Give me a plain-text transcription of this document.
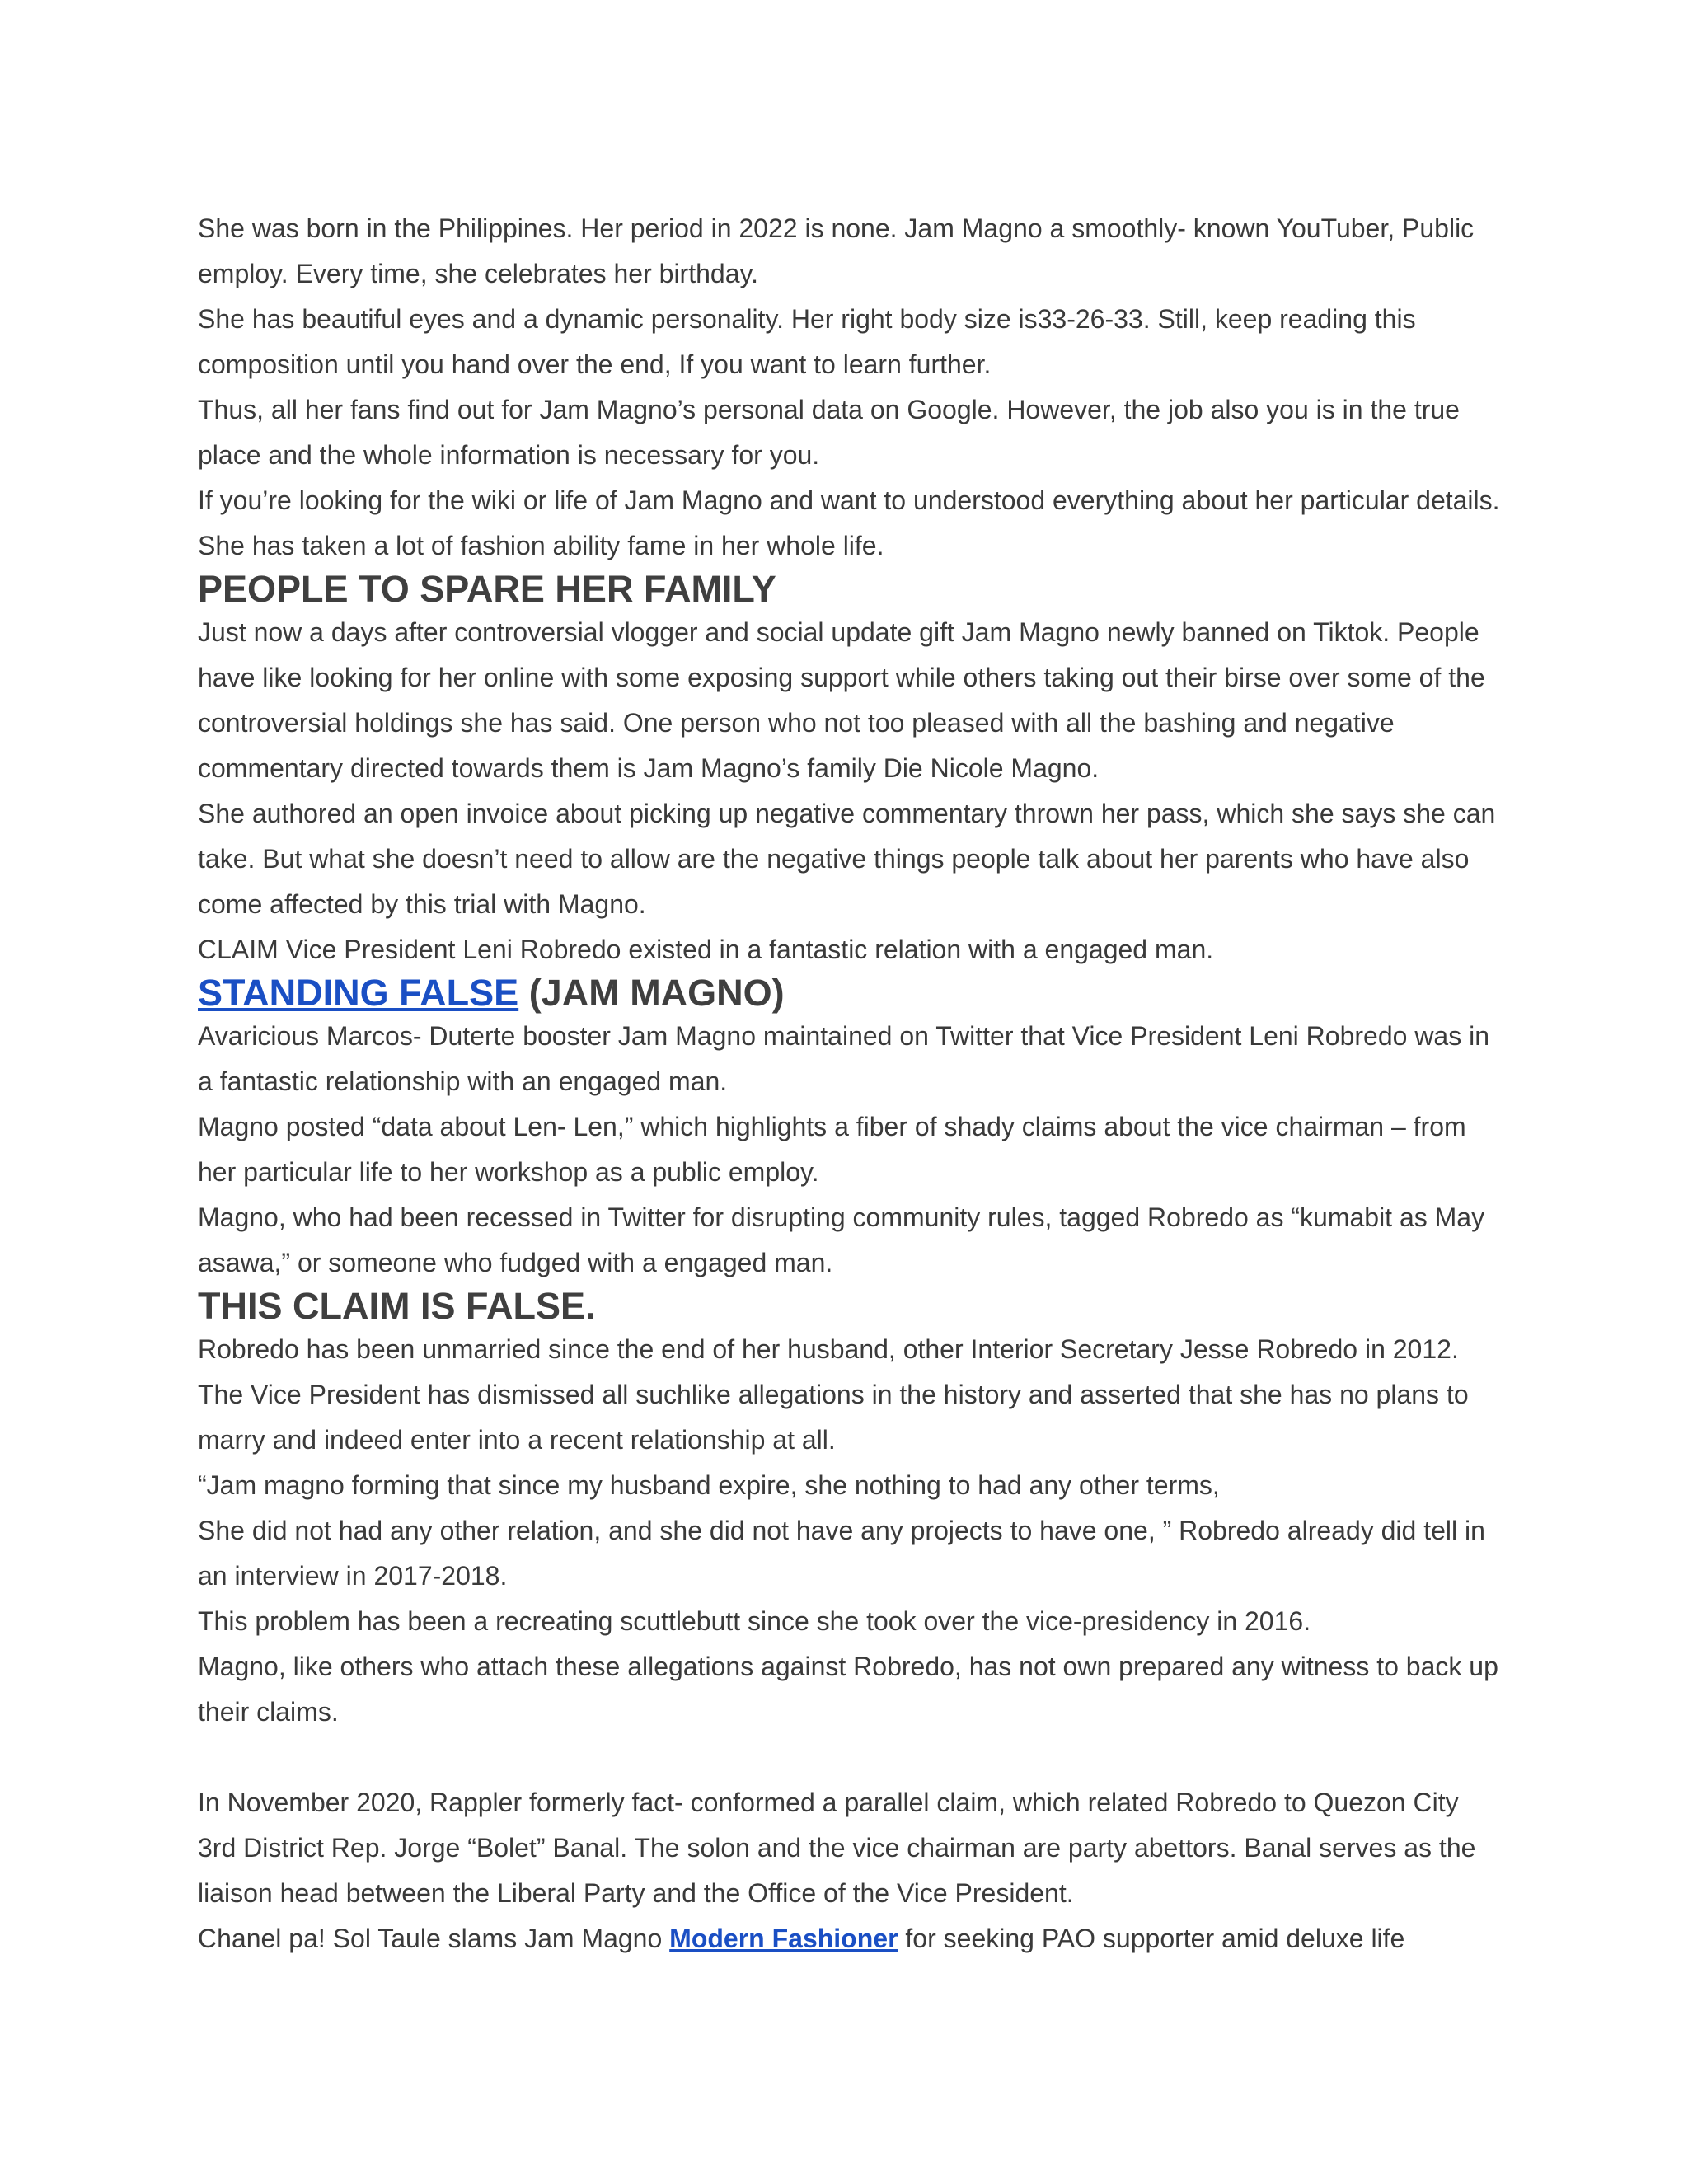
She was born in the Philippines. Her period in 2022 is none. Jam Magno a smoothly- known YouTuber, Public employ. Every time, she celebrates her birthday.

She has beautiful eyes and a dynamic personality. Her right body size is33-26-33. Still, keep reading this composition until you hand over the end, If you want to learn further.

Thus, all her fans find out for Jam Magno’s personal data on Google. However, the job also you is in the true place and the whole information is necessary for you.

If you’re looking for the wiki or life of Jam Magno and want to understood everything about her particular details. She has taken a lot of fashion ability fame in her whole life.

PEOPLE TO SPARE HER FAMILY

Just now a days after controversial vlogger and social update gift Jam Magno newly banned on Tiktok. People have like looking for her online with some exposing support while others taking out their birse over some of the controversial holdings she has said. One person who not too pleased with all the bashing and negative commentary directed towards them is Jam Magno’s family Die Nicole Magno.

She authored an open invoice about picking up negative commentary thrown her pass, which she says she can take. But what she doesn’t need to allow are the negative things people talk about her parents who have also come affected by this trial with Magno.

CLAIM Vice President Leni Robredo existed in a fantastic relation with a engaged man.

STANDING FALSE (JAM MAGNO)

Avaricious Marcos- Duterte booster Jam Magno maintained on Twitter that Vice President Leni Robredo was in a fantastic relationship with an engaged man.

Magno posted “data about Len- Len,” which highlights a fiber of shady claims about the vice chairman – from her particular life to her workshop as a public employ.

Magno, who had been recessed in Twitter for disrupting community rules, tagged Robredo as “kumabit as May asawa,” or someone who fudged with a engaged man.

THIS CLAIM IS FALSE.

Robredo has been unmarried since the end of her husband, other Interior Secretary Jesse Robredo in 2012. The Vice President has dismissed all suchlike allegations in the history and asserted that she has no plans to marry and indeed enter into a recent relationship at all.

“Jam magno forming that since my husband expire, she nothing to had any other terms,

She did not had any other relation, and she did not have any projects to have one, ” Robredo already did tell in an interview in 2017-2018.

This problem has been a recreating scuttlebutt since she took over the vice-presidency in 2016.

Magno, like others who attach these allegations against Robredo, has not own prepared any witness to back up their claims.

In November 2020, Rappler formerly fact- conformed a parallel claim, which related Robredo to Quezon City 3rd District Rep. Jorge “Bolet” Banal. The solon and the vice chairman are party abettors. Banal serves as the liaison head between the Liberal Party and the Office of the Vice President.

Chanel pa! Sol Taule slams Jam Magno Modern Fashioner for seeking PAO supporter amid deluxe life
